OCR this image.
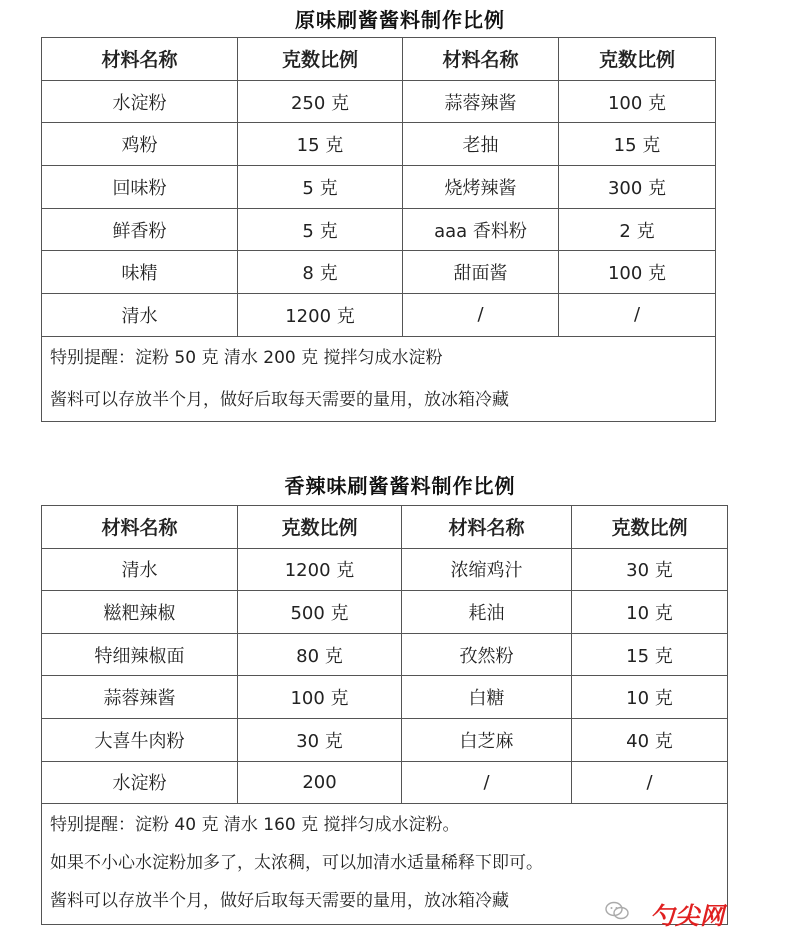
原味刷酱酱料制作比例
材料名称	克数比例	材料名称	克数比例
水淀粉	250 克	蒜蓉辣酱	100 克
鸡粉	15 克	老抽	15 克
回味粉	5 克	烧烤辣酱	300 克
鲜香粉	5 克	aaa 香料粉	2 克
味精	8 克	甜面酱	100 克
清水	1200 克	/	/

特别提醒：淀粉 50 克 清水 200 克 搅拌匀成水淀粉
酱料可以存放半个月，做好后取每天需要的量用，放冰箱冷藏			
香辣味刷酱酱料制作比例
材料名称	克数比例	材料名称	克数比例
清水	1200 克	浓缩鸡汁	30 克
糍粑辣椒	500 克	耗油	10 克
特细辣椒面	80 克	孜然粉	15 克
蒜蓉辣酱	100 克	白糖	10 克
大喜牛肉粉	30 克	白芝麻	40 克
水淀粉	200	/	/

特别提醒：淀粉 40 克 清水 160 克 搅拌匀成水淀粉。
如果不小心水淀粉加多了，太浓稠，可以加清水适量稀释下即可。
酱料可以存放半个月，做好后取每天需要的量用，放冰箱冷藏			
勺尖网
